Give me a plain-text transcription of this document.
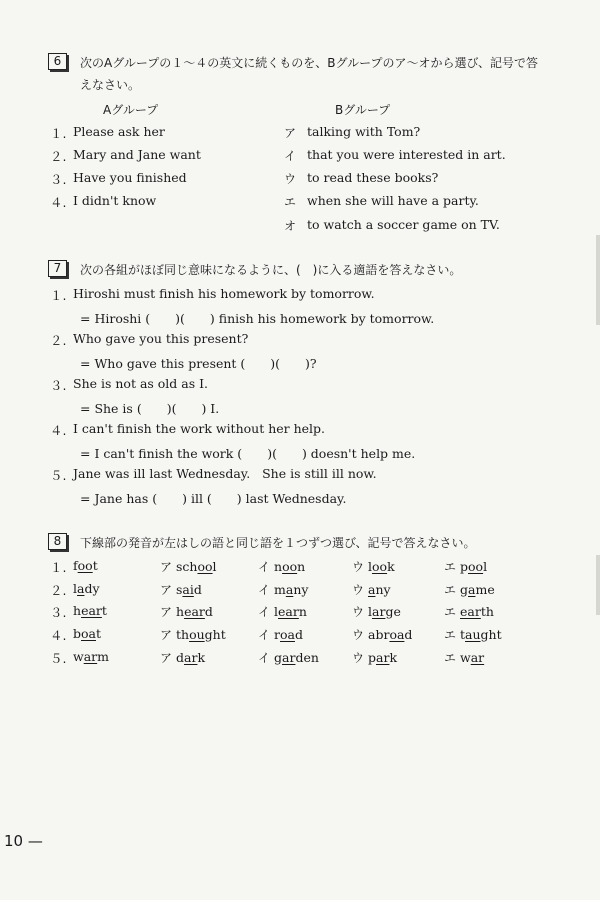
6	次のAグループの１～４の英文に続くものを、Bグループのア～オから選び、記号で答
えなさい。
Aグループ	Bグループ
１. Please ask her
２. Mary and Jane want
３. Have you finished
４. I didn't know
ア talking with Tom?
イ that you were interested in art.
ウ to read these books?
エ when she will have a party.
オ to watch a soccer game on TV.
7	次の各組がほぼ同じ意味になるように、(　)に入る適語を答えなさい。
１. Hiroshi must finish his homework by tomorrow.
= Hiroshi (　　)(　　) finish his homework by tomorrow.
２. Who gave you this present?
= Who gave this present (　　)(　　)?
３. She is not as old as I.
= She is (　　)(　　) I.
４. I can't finish the work without her help.
= I can't finish the work (　　)(　　) doesn't help me.
５. Jane was ill last Wednesday.   She is still ill now.
= Jane has (　　) ill (　　) last Wednesday.
8	下線部の発音が左はしの語と同じ語を１つずつ選び、記号で答えなさい。
１. foot	ア school	イ noon	ウ look	エ pool
２. lady	ア said	イ many	ウ any	エ game
３. heart	ア heard	イ learn	ウ large	エ earth
４. boat	ア thought	イ road	ウ abroad	エ taught
５. warm	ア dark	イ garden	ウ park	エ war
10 —
